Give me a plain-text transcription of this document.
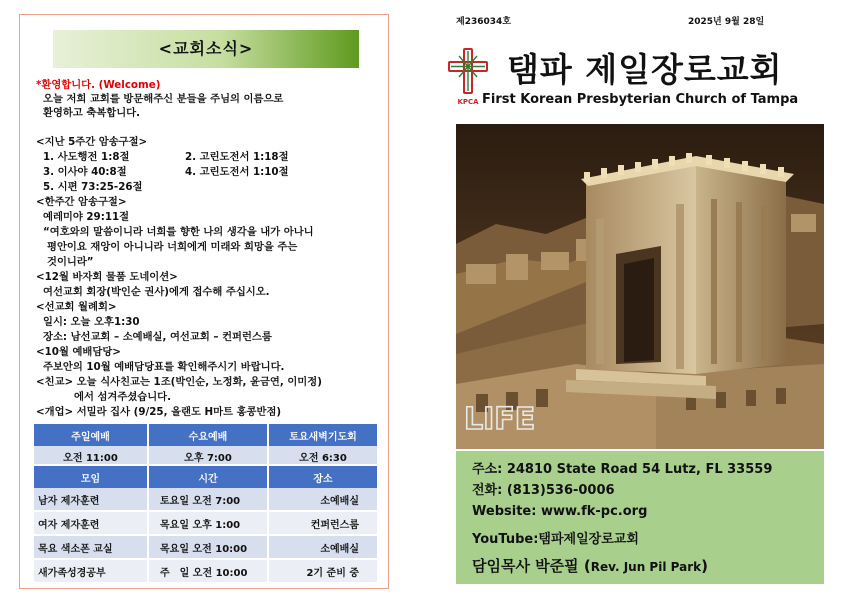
<교회소식>
*환영합니다. (Welcome)
오늘 저희 교회를 방문해주신 분들을 주님의 이름으로
환영하고 축복합니다.
<지난 5주간 암송구절>
1. 사도행전 1:8절	2. 고린도전서 1:18절
3. 이사야 40:8절	4. 고린도전서 1:10절
5. 시편 73:25-26절
<한주간 암송구절>
예레미야 29:11절
“여호와의 말씀이니라 너희를 향한 나의 생각을 내가 아나니
평안이요 재앙이 아니니라 너희에게 미래와 희망을 주는
것이니라”
<12월 바자회 물품 도네이션>
여선교회 회장(박인순 권사)에게 접수해 주십시오.
<선교회 월례회>
일시: 오늘 오후1:30
장소: 남선교회 – 소예배실, 여선교회 – 컨퍼런스룸
<10월 예배담당>
주보안의 10월 예배담당표를 확인해주시기 바랍니다.
<친교> 오늘 식사친교는 1조(박인순, 노정화, 윤금연, 이미정)
에서 섬겨주셨습니다.
<개업> 서밀라 집사 (9/25, 올랜도 H마트 홍콩반점)
주일예배	수요예배	토요새벽기도회
오전 11:00	오후 7:00	오전 6:30
모임	시간	장소
남자 제자훈련	토요일 오전 7:00	소예배실
여자 제자훈련	목요일 오후 1:00	컨퍼런스룸
목요 색소폰 교실	목요일 오전 10:00	소예배실
새가족성경공부	주　일 오전 10:00	2기 준비 중
제236034호	2025년 9월 28일
KPCA
탬파 제일장로교회
First Korean Presbyterian Church of Tampa
LIFE
주소: 24810 State Road 54 Lutz, FL 33559
전화: (813)536-0006
Website: www.fk-pc.org
YouTube:탬파제일장로교회
담임목사 박준필 (Rev. Jun Pil Park)
